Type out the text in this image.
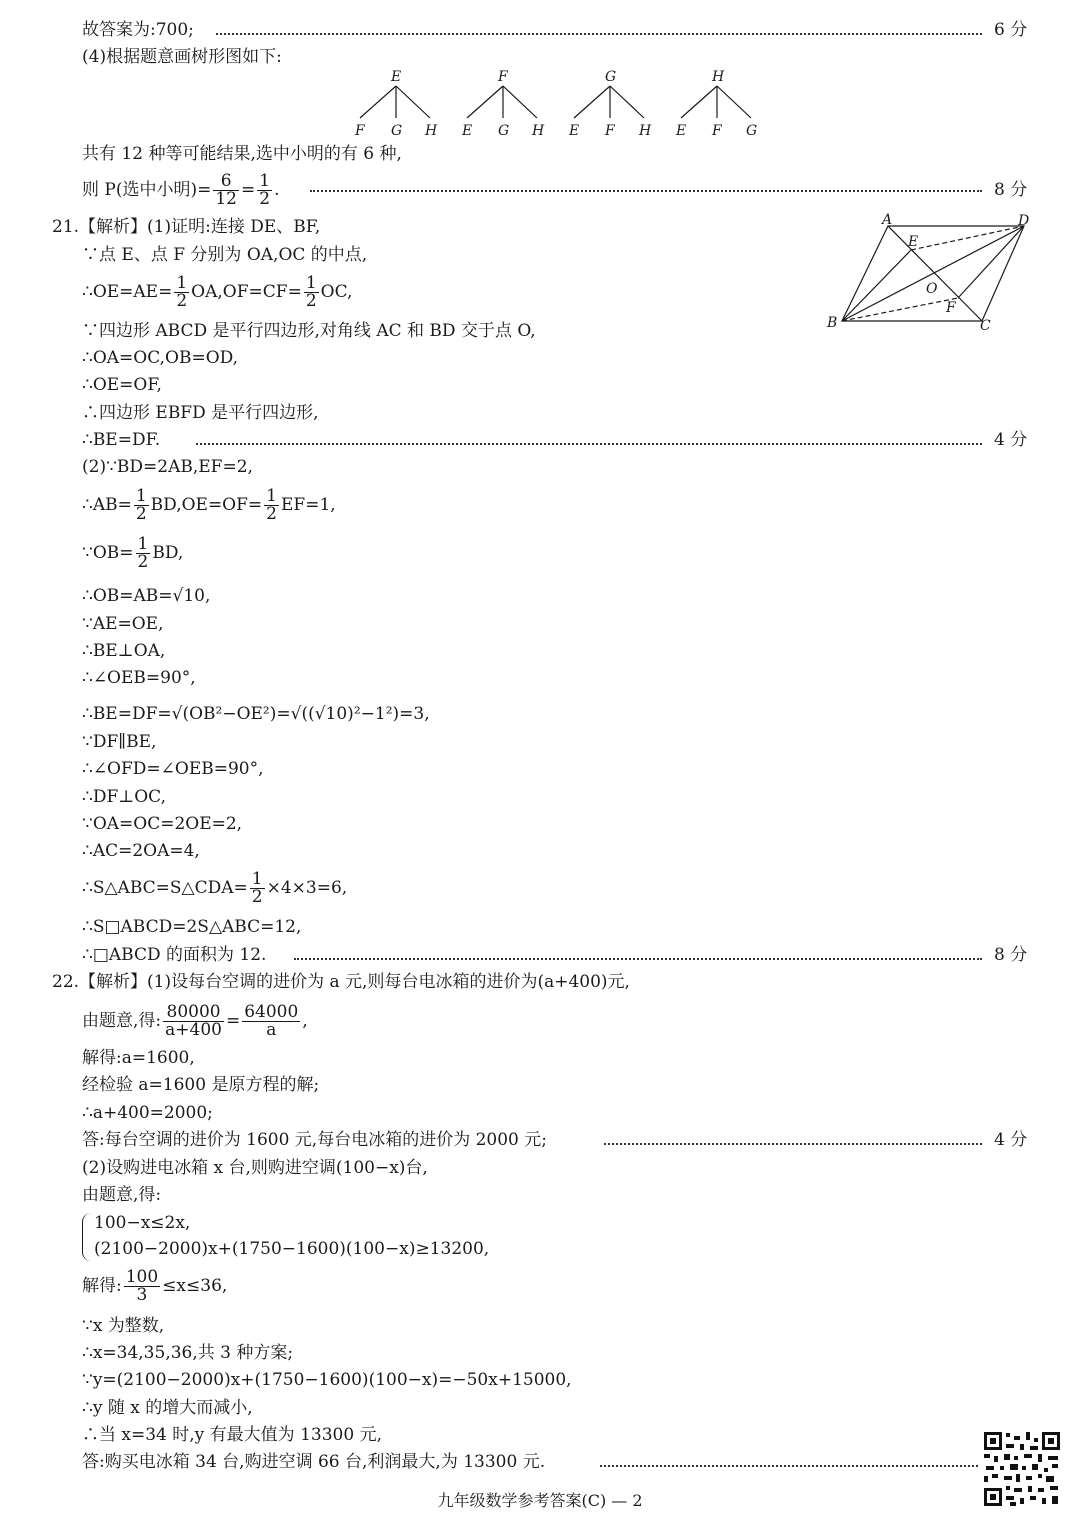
故答案为:700;	6 分
(4)根据题意画树形图如下:
E	F	G	H
F G H E G H E F H E F G
共有 12 种等可能结果,选中小明的有 6 种,
则 P(选中小明)= $\frac{6}{12} = \frac{1}{2}$ .	8 分
21.【解析】(1)证明:连接 DE、BF,
∵点 E、点 F 分别为 OA,OC 的中点,
∴OE=AE= $\frac{1}{2} OA,OF=CF= \frac{1}{2}$ OC,
∵四边形 ABCD 是平行四边形,对角线 AC 和 BD 交于点 O,
∴OA=OC,OB=OD,
∴OE=OF,
∴四边形 EBFD 是平行四边形,
∴BE=DF.	4 分
A	D
E
O
F
B	C
(2)∵BD=2AB,EF=2,
∴AB= $\frac{1}{2} BD,OE=OF= \frac{1}{2} EF=1$,
∵OB= $\frac{1}{2}$ BD,
∴OB=AB=√10,
∵AE=OE,
∴BE⊥OA,
∴∠OEB=90°,
∴BE=DF=√(OB²−OE²)=√((√10)²−1²)=3,
∵DF∥BE,
∴∠OFD=∠OEB=90°,
∴DF⊥OC,
∵OA=OC=2OE=2,
∴AC=2OA=4,
∴S△ABC=S△CDA= $\frac{1}{2} \times 4\times 3=6$,
∴S□ABCD=2S△ABC=12,
∴□ABCD 的面积为 12.	8 分
22.【解析】(1)设每台空调的进价为 a 元,则每台电冰箱的进价为(a+400)元,
由题意,得: $\frac{80000}{a+400} = \frac{64000}{a}$ ,
解得:a=1600,
经检验 a=1600 是原方程的解;
∴a+400=2000;
答:每台空调的进价为 1600 元,每台电冰箱的进价为 2000 元;	4 分
(2)设购进电冰箱 x 台,则购进空调(100−x)台,
由题意,得:
100−x≤2x,
(2100−2000)x+(1750−1600)(100−x)≥13200,
解得: $\frac{100}{3} \le x\le 36$,
∵x 为整数,
∴x=34,35,36,共 3 种方案;
∵y=(2100−2000)x+(1750−1600)(100−x)=−50x+15000,
∴y 随 x 的增大而减小,
∴当 x=34 时,y 有最大值为 13300 元,
答:购买电冰箱 34 台,购进空调 66 台,利润最大,为 13300 元.
九年级数学参考答案(C) — 2
